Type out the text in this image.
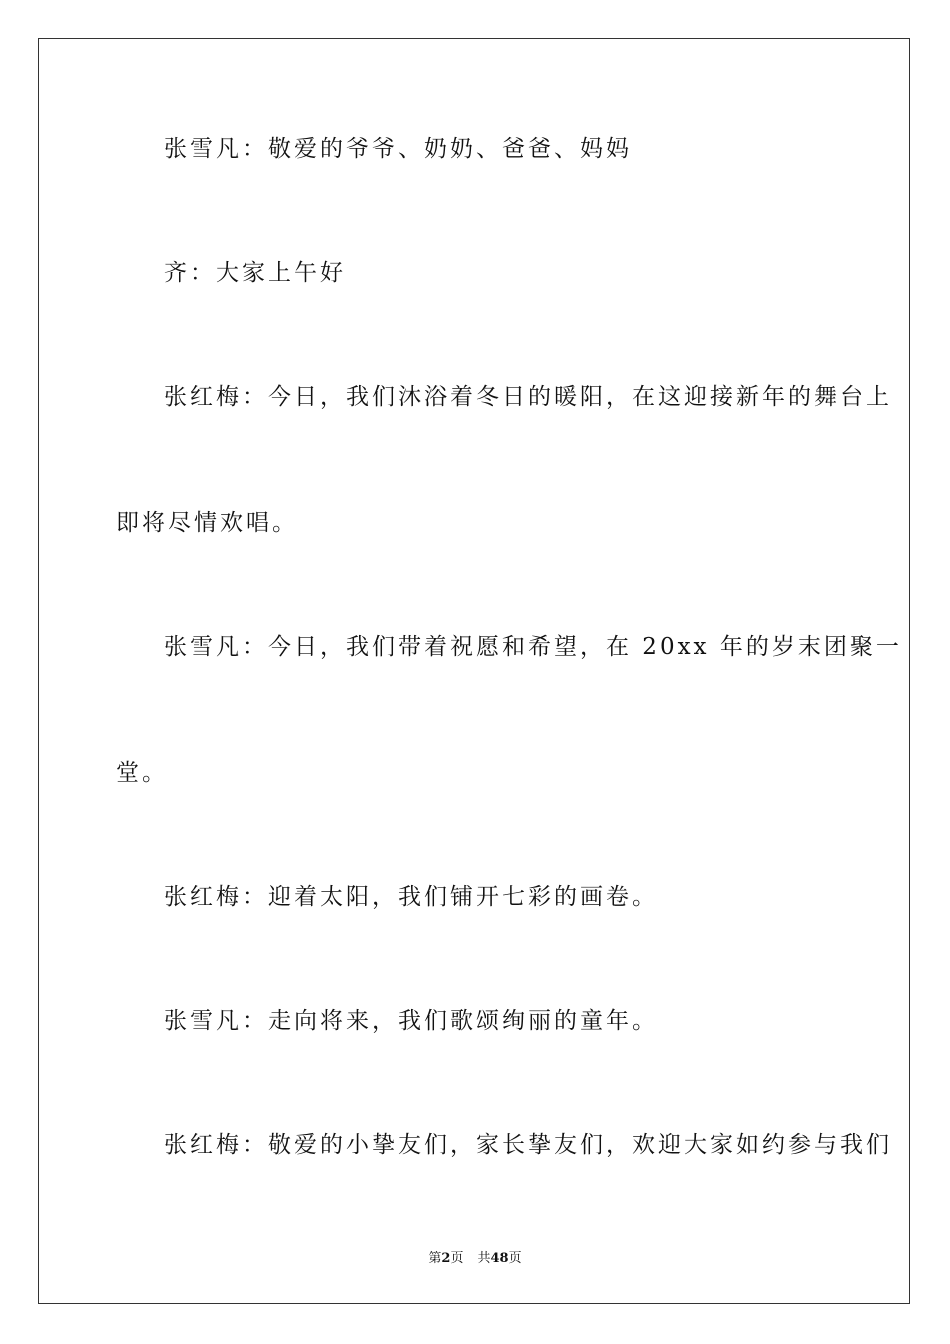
张雪凡：敬爱的爷爷、奶奶、爸爸、妈妈
齐：大家上午好
张红梅：今日，我们沐浴着冬日的暖阳，在这迎接新年的舞台上
即将尽情欢唱。
张雪凡：今日，我们带着祝愿和希望，在 20xx 年的岁末团聚一
堂。
张红梅：迎着太阳，我们铺开七彩的画卷。
张雪凡：走向将来，我们歌颂绚丽的童年。
张红梅：敬爱的小挚友们，家长挚友们，欢迎大家如约参与我们
第2页 共48页
